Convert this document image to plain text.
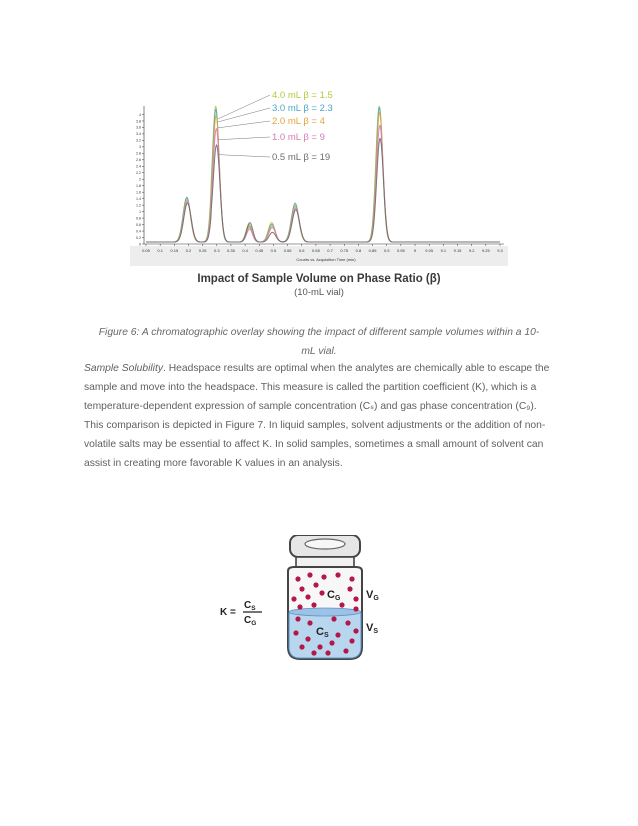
0
0.2
0.4
0.6
0.8
1
1.2
1.4
1.6
1.8
2
2.2
2.4
2.6
2.8
3
3.2
3.4
3.6
3.8
4
0.05 0.1 0.15 0.2 0.25 0.3 0.35 0.4 0.45 0.5 0.55 0.6 0.65 0.7 0.75 0.8 0.85 0.9 0.95 9 9.05 9.1 9.15 9.2 9.25 9.3
4.0 mL β = 1.5
3.0 mL β = 2.3
2.0 mL β = 4
1.0 mL β = 9
0.5 mL β = 19
Counts vs. Acquisition Time (min)
Impact of Sample Volume on Phase Ratio (β)
(10-mL vial)
Figure 6: A chromatographic overlay showing the impact of different sample volumes within a 10-mL vial.
Sample Solubility. Headspace results are optimal when the analytes are chemically able to escape the sample and move into the headspace. This measure is called the partition coefficient (K), which is a temperature-dependent expression of sample concentration (Cₛ) and gas phase concentration (C₉). This comparison is depicted in Figure 7. In liquid samples, solvent adjustments or the addition of non-volatile salts may be essential to affect K. In solid samples, sometimes a small amount of solvent can assist in creating more favorable K values in an analysis.
CG
CS
VG
VS
K =
$C_S$
$C_G$
